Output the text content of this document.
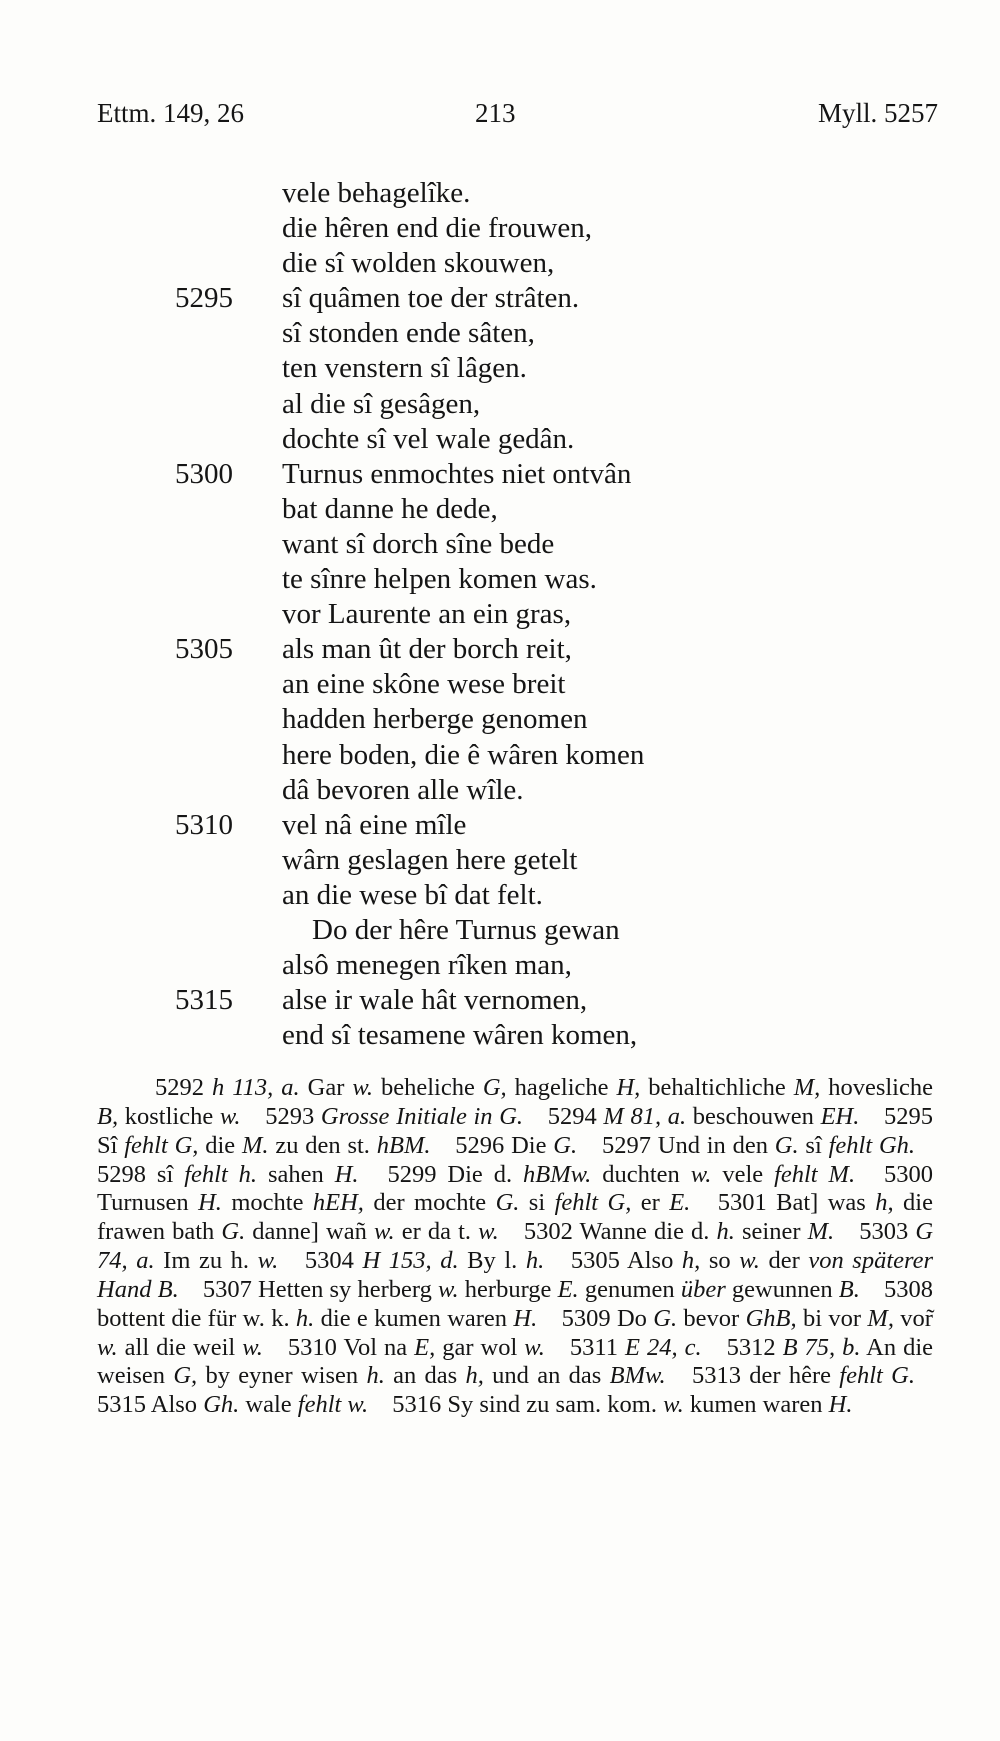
Ettm. 149, 26	213	Myll. 5257
vele behagelîke.
die hêren end die frouwen,
die sî wolden skouwen,
5295	sî quâmen toe der strâten.
sî stonden ende sâten,
ten venstern sî lâgen.
al die sî gesâgen,
dochte sî vel wale gedân.
5300	Turnus enmochtes niet ontvân
bat danne he dede,
want sî dorch sîne bede
te sînre helpen komen was.
vor Laurente an ein gras,
5305	als man ût der borch reit,
an eine skône wese breit
hadden herberge genomen
here boden, die ê wâren komen
dâ bevoren alle wîle.
5310	vel nâ eine mîle
wârn geslagen here getelt
an die wese bî dat felt.
Do der hêre Turnus gewan
alsô menegen rîken man,
5315	alse ir wale hât vernomen,
end sî tesamene wâren komen,
5292 h 113, a. Gar w. beheliche G, hageliche H, behaltichliche M, hovesliche B, kostliche w. 5293 Grosse Initiale in G. 5294 M 81, a. beschouwen EH. 5295 Sî fehlt G, die M. zu den st. hBM. 5296 Die G. 5297 Und in den G. sî fehlt Gh. 5298 sî fehlt h. sahen H. 5299 Die d. hBMw. duchten w. vele fehlt M. 5300 Turnusen H. mochte hEH, der mochte G. si fehlt G, er E. 5301 Bat] was h, die frawen bath G. danne] wañ w. er da t. w. 5302 Wanne die d. h. seiner M. 5303 G 74, a. Im zu h. w. 5304 H 153, d. By l. h. 5305 Also h, so w. der von späterer Hand B. 5307 Hetten sy herberg w. herburge E. genumen über gewunnen B. 5308 bottent die für w. k. h. die e kumen waren H. 5309 Do G. bevor GhB, bi vor M, vor̃ w. all die weil w. 5310 Vol na E, gar wol w. 5311 E 24, c. 5312 B 75, b. An die weisen G, by eyner wisen h. an das h, und an das BMw. 5313 der hêre fehlt G. 5315 Also Gh. wale fehlt w. 5316 Sy sind zu sam. kom. w. kumen waren H.
